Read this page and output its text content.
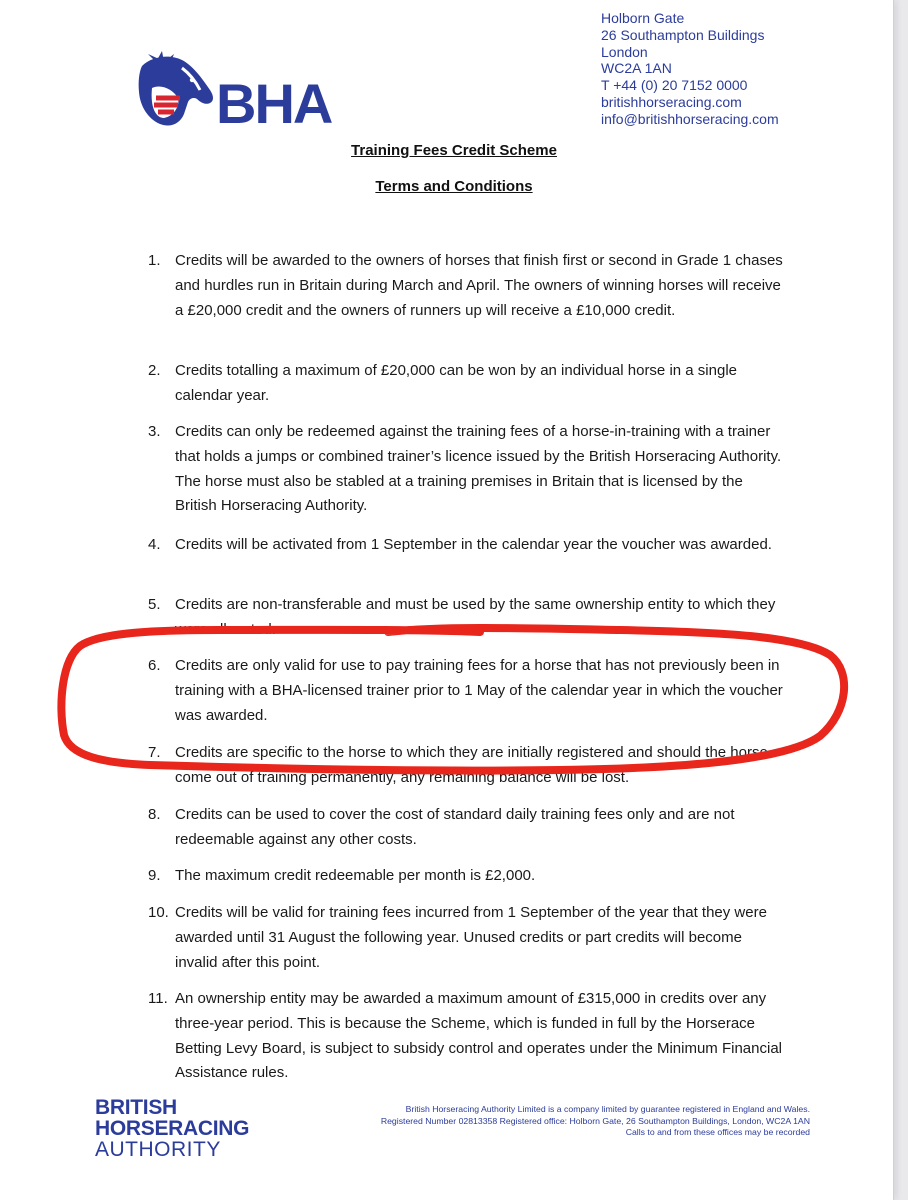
BHA
Holborn Gate
26 Southampton Buildings
London
WC2A 1AN
T +44 (0) 20 7152 0000
britishhorseracing.com
info@britishhorseracing.com
Training Fees Credit Scheme
Terms and Conditions
1. Credits will be awarded to the owners of horses that finish first or second in Grade 1 chases and hurdles run in Britain during March and April. The owners of winning horses will receive a £20,000 credit and the owners of runners up will receive a £10,000 credit.
2. Credits totalling a maximum of £20,000 can be won by an individual horse in a single calendar year.
3. Credits can only be redeemed against the training fees of a horse-in-training with a trainer that holds a jumps or combined trainer’s licence issued by the British Horseracing Authority. The horse must also be stabled at a training premises in Britain that is licensed by the British Horseracing Authority.
4. Credits will be activated from 1 September in the calendar year the voucher was awarded.
5. Credits are non-transferable and must be used by the same ownership entity to which they were allocated.
6. Credits are only valid for use to pay training fees for a horse that has not previously been in training with a BHA-licensed trainer prior to 1 May of the calendar year in which the voucher was awarded.
7. Credits are specific to the horse to which they are initially registered and should the horse come out of training permanently, any remaining balance will be lost.
8. Credits can be used to cover the cost of standard daily training fees only and are not redeemable against any other costs.
9. The maximum credit redeemable per month is £2,000.
10. Credits will be valid for training fees incurred from 1 September of the year that they were awarded until 31 August the following year. Unused credits or part credits will become invalid after this point.
11. An ownership entity may be awarded a maximum amount of £315,000 in credits over any three-year period. This is because the Scheme, which is funded in full by the Horserace Betting Levy Board, is subject to subsidy control and operates under the Minimum Financial Assistance rules.
BRITISH
HORSERACING
AUTHORITY
British Horseracing Authority Limited is a company limited by guarantee registered in England and Wales.
Registered Number 02813358 Registered office: Holborn Gate, 26 Southampton Buildings, London, WC2A 1AN
Calls to and from these offices may be recorded
